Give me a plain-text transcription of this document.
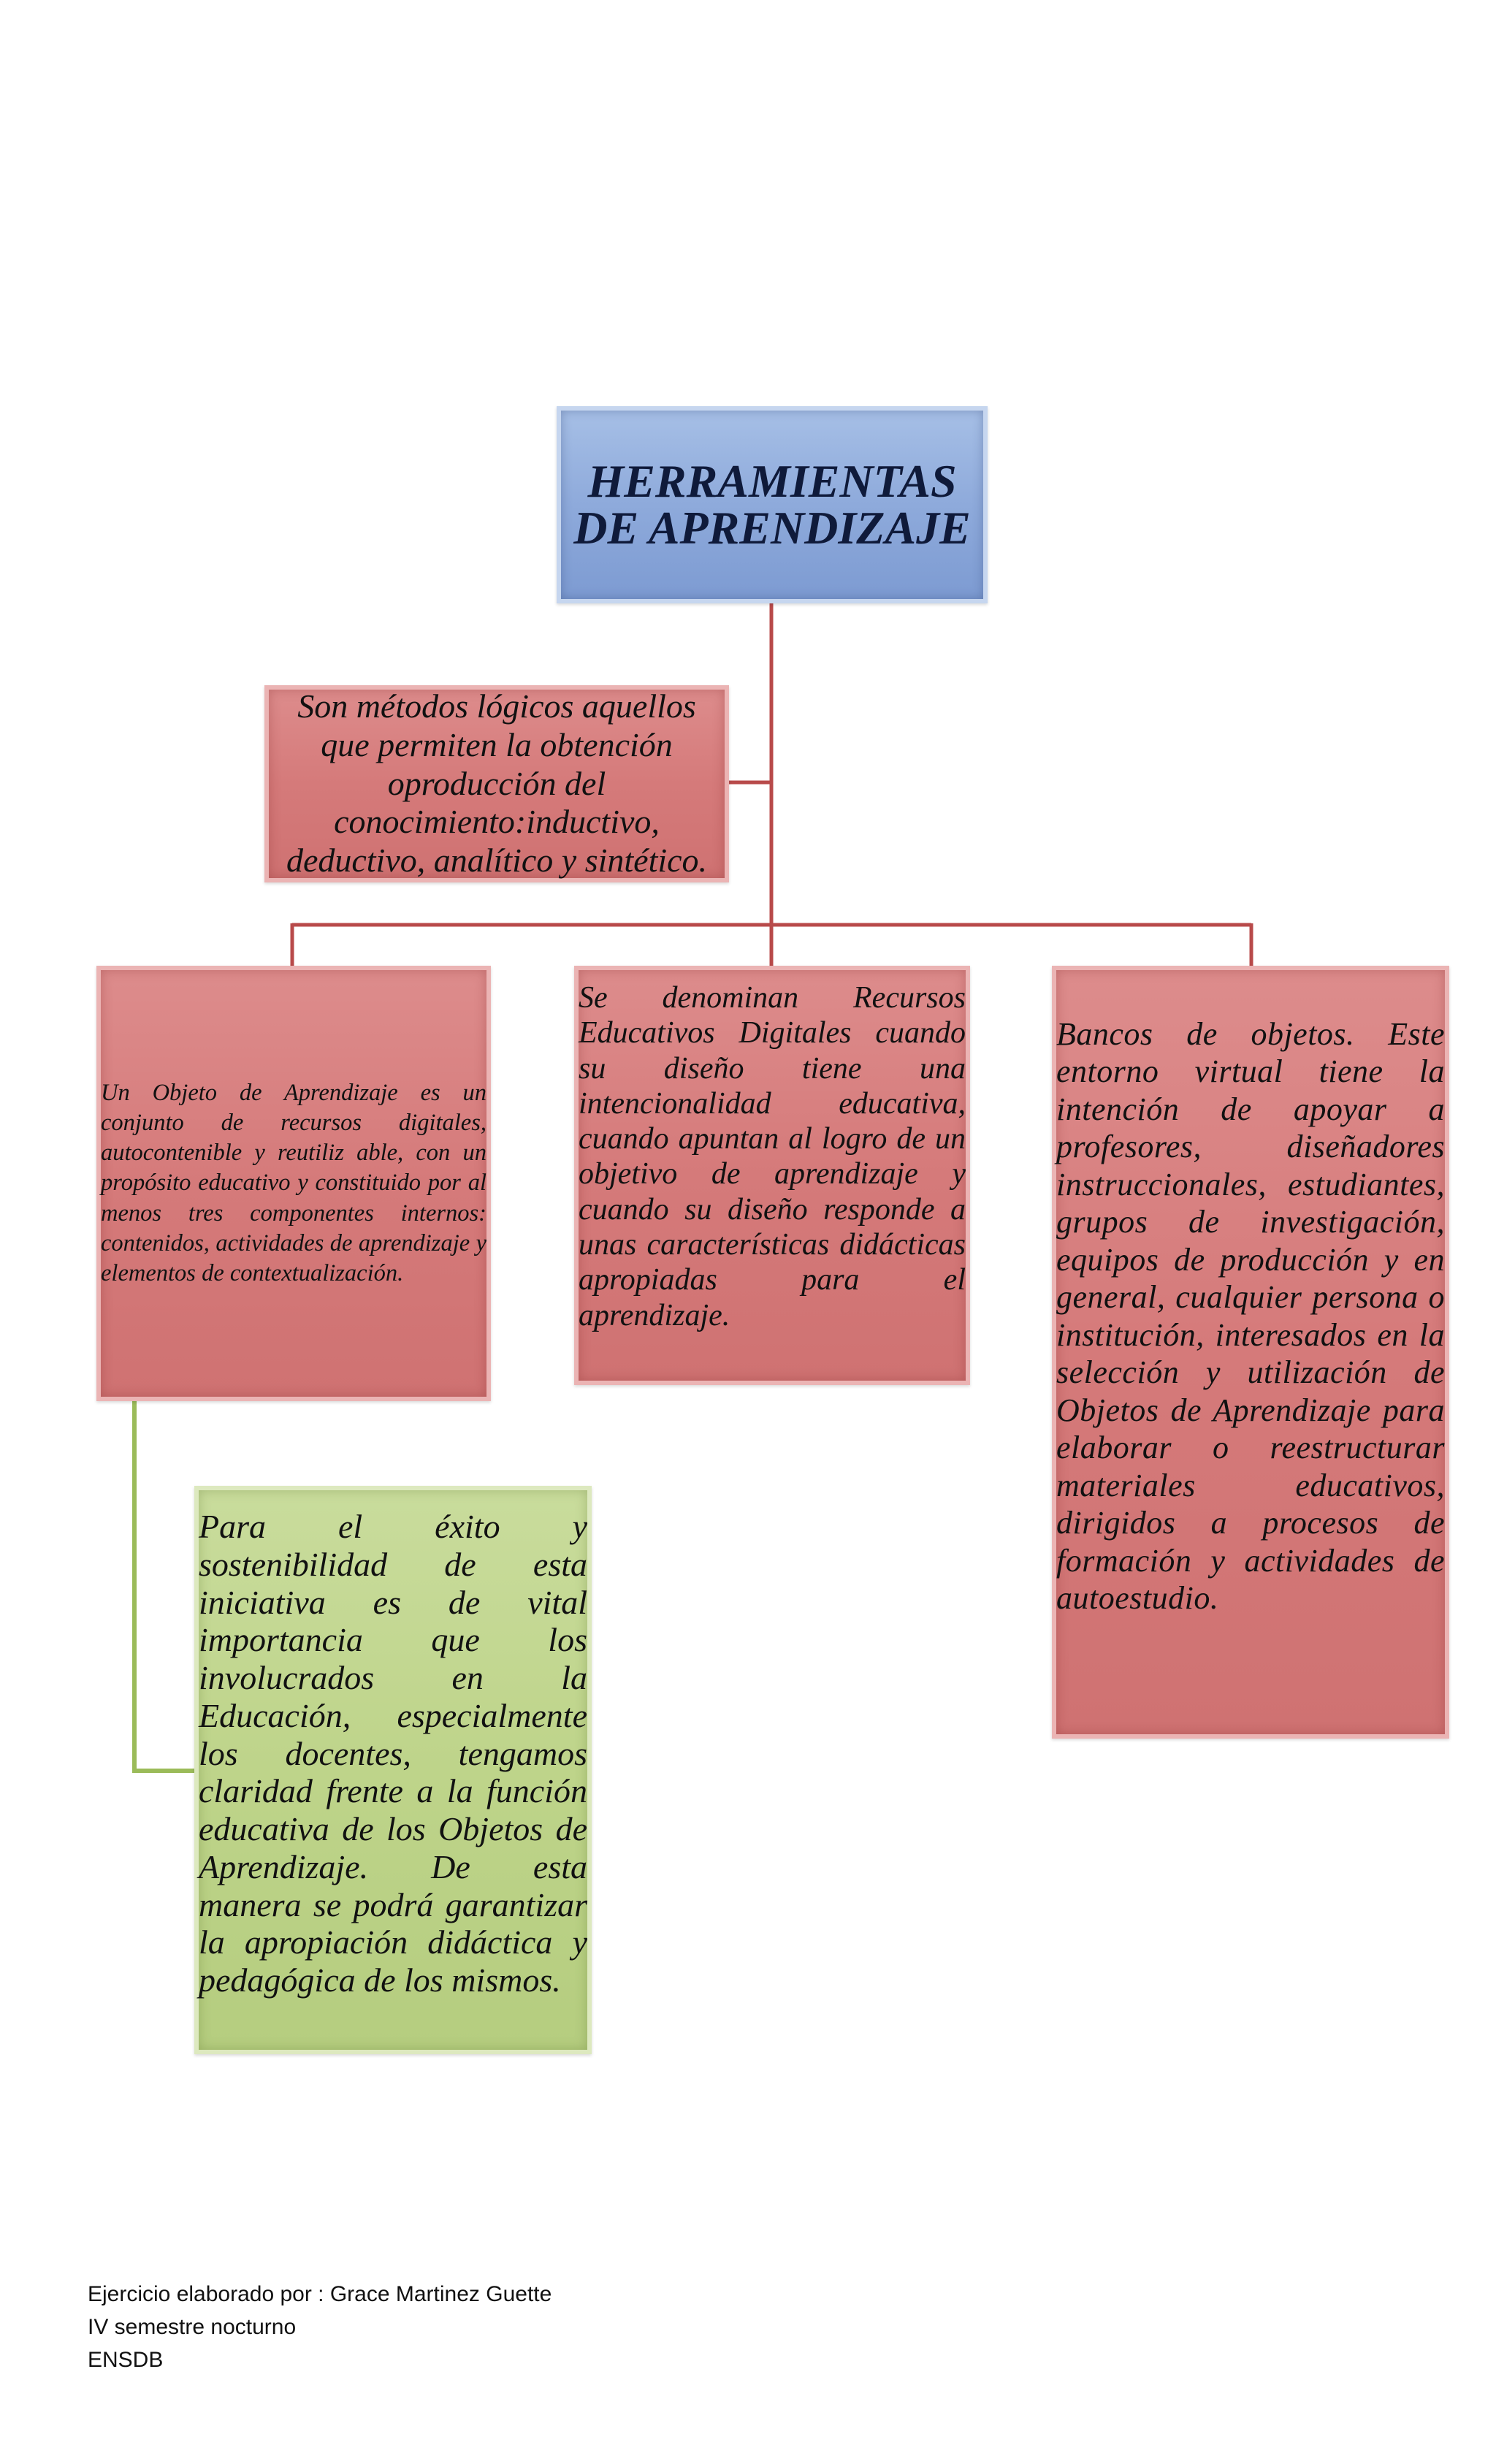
HERRAMIENTAS DE APRENDIZAJE
Son métodos lógicos aquellos que permiten la obtención oproducción del conocimiento:inductivo, deductivo, analítico y sintético.
Un Objeto de Aprendizaje es un conjunto de recursos digitales, autocontenible y reutiliz able, con un propósito educativo y constituido por al menos tres componentes internos: contenidos, actividades de aprendizaje y elementos de contextualización.
Se denominan Recursos Educativos Digitales cuando su diseño tiene una intencionalidad educativa, cuando apuntan al logro de un objetivo de aprendizaje y cuando su diseño responde a unas características didácticas apropiadas para el aprendizaje.
Bancos de objetos. Este entorno virtual tiene la intención de apoyar a profesores, diseñadores instruccionales, estudiantes, grupos de investigación, equipos de producción y en general, cualquier persona o institución, interesados en la selección y utilización de Objetos de Aprendizaje para elaborar o reestructurar materiales educativos, dirigidos a procesos de formación y actividades de autoestudio.
Para el éxito y sostenibilidad de esta iniciativa es de vital importancia que los involucrados en la Educación, especialmente los docentes, tengamos claridad frente a la función educativa de los Objetos de Aprendizaje. De esta manera se podrá garantizar la apropiación didáctica y pedagógica de los mismos.
Ejercicio elaborado por : Grace Martinez Guette
IV semestre nocturno
ENSDB
